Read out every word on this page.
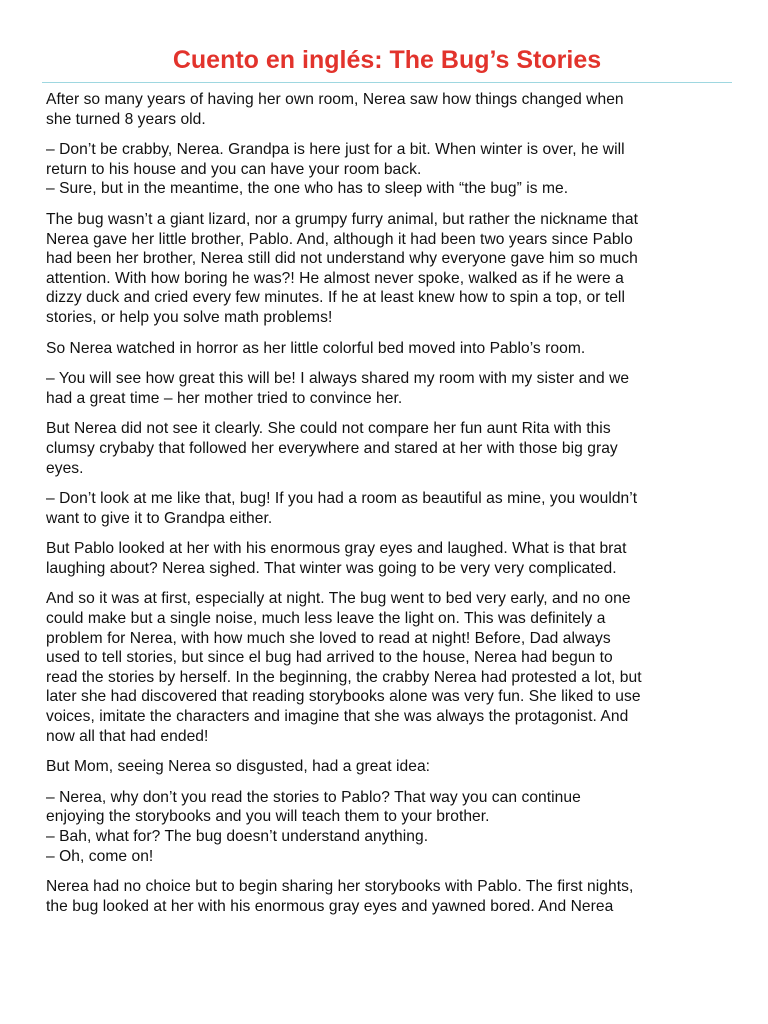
Cuento en inglés: The Bug’s Stories

After so many years of having her own room, Nerea saw how things changed when
she turned 8 years old.

– Don’t be crabby, Nerea. Grandpa is here just for a bit. When winter is over, he will
return to his house and you can have your room back.
– Sure, but in the meantime, the one who has to sleep with “the bug” is me.

The bug wasn’t a giant lizard, nor a grumpy furry animal, but rather the nickname that
Nerea gave her little brother, Pablo. And, although it had been two years since Pablo
had been her brother, Nerea still did not understand why everyone gave him so much
attention. With how boring he was?! He almost never spoke, walked as if he were a
dizzy duck and cried every few minutes. If he at least knew how to spin a top, or tell
stories, or help you solve math problems!

So Nerea watched in horror as her little colorful bed moved into Pablo’s room.

– You will see how great this will be! I always shared my room with my sister and we
had a great time – her mother tried to convince her.

But Nerea did not see it clearly. She could not compare her fun aunt Rita with this
clumsy crybaby that followed her everywhere and stared at her with those big gray
eyes.

– Don’t look at me like that, bug! If you had a room as beautiful as mine, you wouldn’t
want to give it to Grandpa either.

But Pablo looked at her with his enormous gray eyes and laughed. What is that brat
laughing about? Nerea sighed. That winter was going to be very very complicated.

And so it was at first, especially at night. The bug went to bed very early, and no one
could make but a single noise, much less leave the light on. This was definitely a
problem for Nerea, with how much she loved to read at night! Before, Dad always
used to tell stories, but since el bug had arrived to the house, Nerea had begun to
read the stories by herself. In the beginning, the crabby Nerea had protested a lot, but
later she had discovered that reading storybooks alone was very fun. She liked to use
voices, imitate the characters and imagine that she was always the protagonist. And
now all that had ended!

But Mom, seeing Nerea so disgusted, had a great idea:

– Nerea, why don’t you read the stories to Pablo? That way you can continue
enjoying the storybooks and you will teach them to your brother.
– Bah, what for? The bug doesn’t understand anything.
– Oh, come on!

Nerea had no choice but to begin sharing her storybooks with Pablo. The first nights,
the bug looked at her with his enormous gray eyes and yawned bored. And Nerea
